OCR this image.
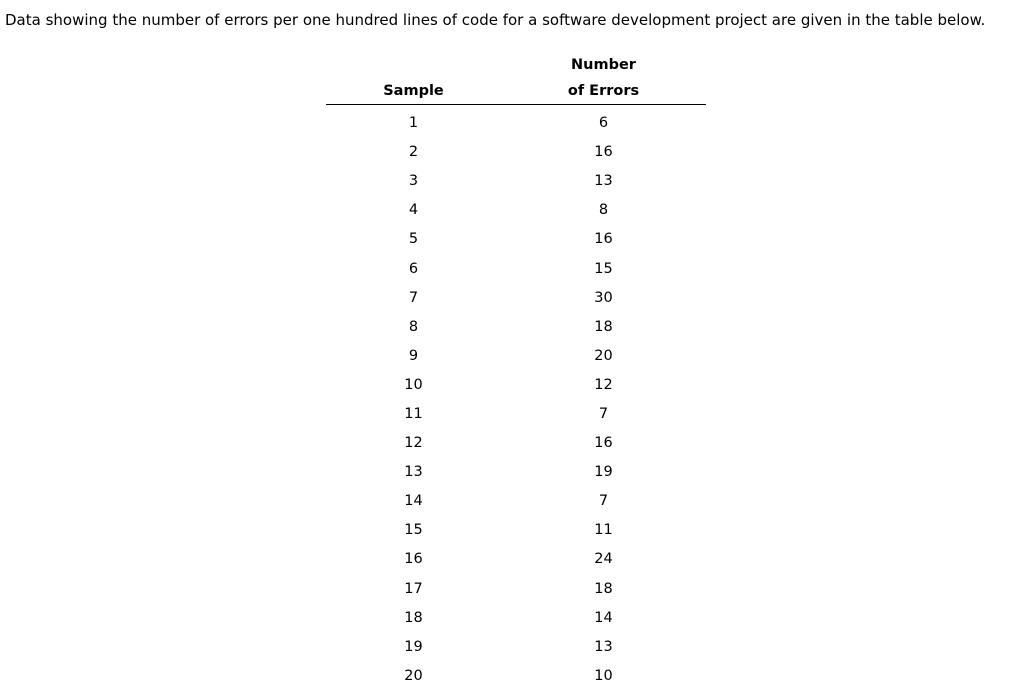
Data showing the number of errors per one hundred lines of code for a software development project are given in the table below.
Sample	Number
of Errors

1	6
2	16
3	13
4	8
5	16
6	15
7	30
8	18
9	20
10	12
11	7
12	16
13	19
14	7
15	11
16	24
17	18
18	14
19	13
20	10
